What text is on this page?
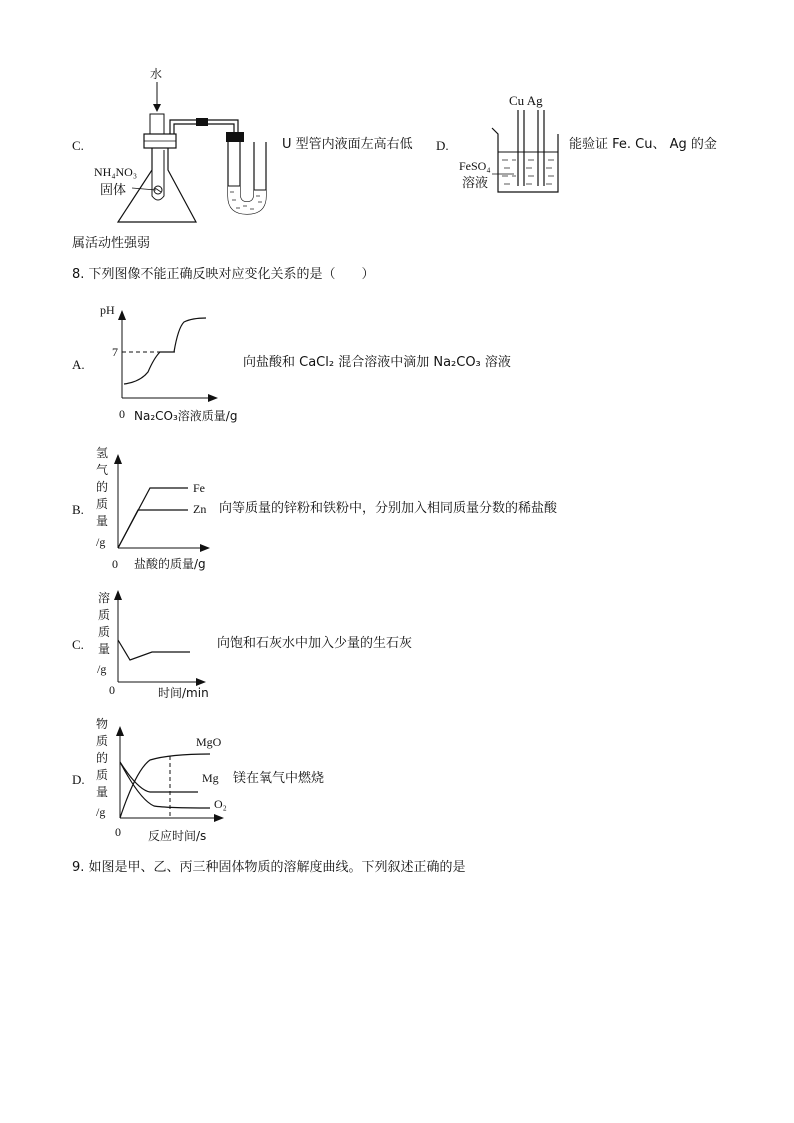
C.
水
NH₄NO₃
固体
U 型管内液面左高右低 D.
Cu Ag
FeSO₄
溶液
能验证 Fe. Cu、 Ag 的金
属活动性强弱
8. 下列图像不能正确反映对应变化关系的是（　　）
A.
pH
7
0 Na₂CO₃溶液质量/g
向盐酸和 CaCl₂ 混合溶液中滴加 Na₂CO₃ 溶液
B.
Fe
Zn
0 盐酸的质量/g
氢
气
的
质
量
/g
向等质量的锌粉和铁粉中，分别加入相同质量分数的稀盐酸
C.
0	时间/min
溶
质
质
量
/g
向饱和石灰水中加入少量的生石灰
D.
MgO
Mg
O₂
0 反应时间/s
物
质
的
质
量
/g
镁在氧气中燃烧
9. 如图是甲、乙、丙三种固体物质的溶解度曲线。下列叙述正确的是
